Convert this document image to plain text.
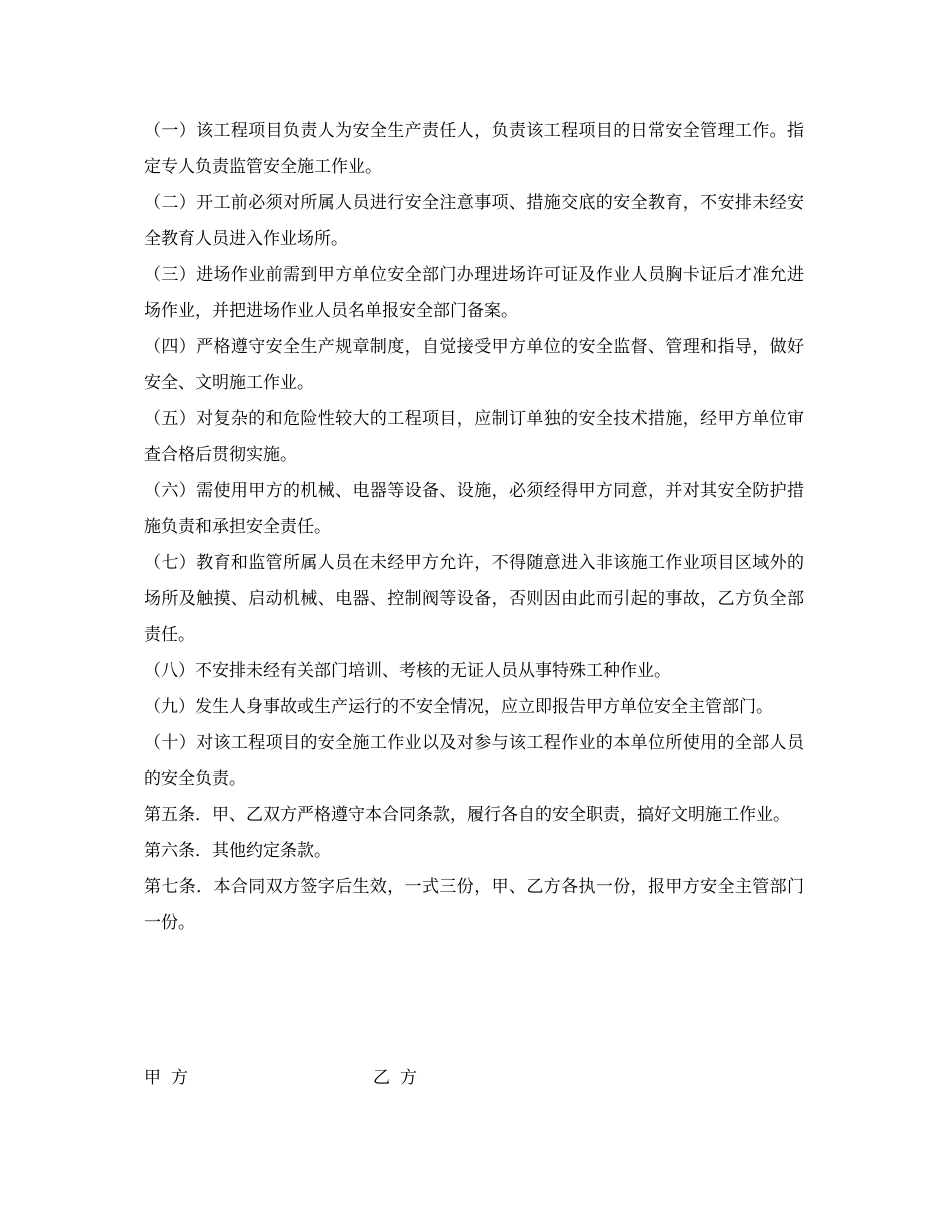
（一）该工程项目负责人为安全生产责任人，负责该工程项目的日常安全管理工作。指定专人负责监管安全施工作业。

（二）开工前必须对所属人员进行安全注意事项、措施交底的安全教育，不安排未经安全教育人员进入作业场所。

（三）进场作业前需到甲方单位安全部门办理进场许可证及作业人员胸卡证后才准允进场作业，并把进场作业人员名单报安全部门备案。

（四）严格遵守安全生产规章制度，自觉接受甲方单位的安全监督、管理和指导，做好安全、文明施工作业。

（五）对复杂的和危险性较大的工程项目，应制订单独的安全技术措施，经甲方单位审查合格后贯彻实施。

（六）需使用甲方的机械、电器等设备、设施，必须经得甲方同意，并对其安全防护措施负责和承担安全责任。

（七）教育和监管所属人员在未经甲方允许，不得随意进入非该施工作业项目区域外的场所及触摸、启动机械、电器、控制阀等设备，否则因由此而引起的事故，乙方负全部责任。

（八）不安排未经有关部门培训、考核的无证人员从事特殊工种作业。

（九）发生人身事故或生产运行的不安全情况，应立即报告甲方单位安全主管部门。

（十）对该工程项目的安全施工作业以及对参与该工程作业的本单位所使用的全部人员的安全负责。

第五条．甲、乙双方严格遵守本合同条款，履行各自的安全职责，搞好文明施工作业。

第六条．其他约定条款。

第七条．本合同双方签字后生效，一式三份，甲、乙方各执一份，报甲方安全主管部门一份。

甲方	乙方
